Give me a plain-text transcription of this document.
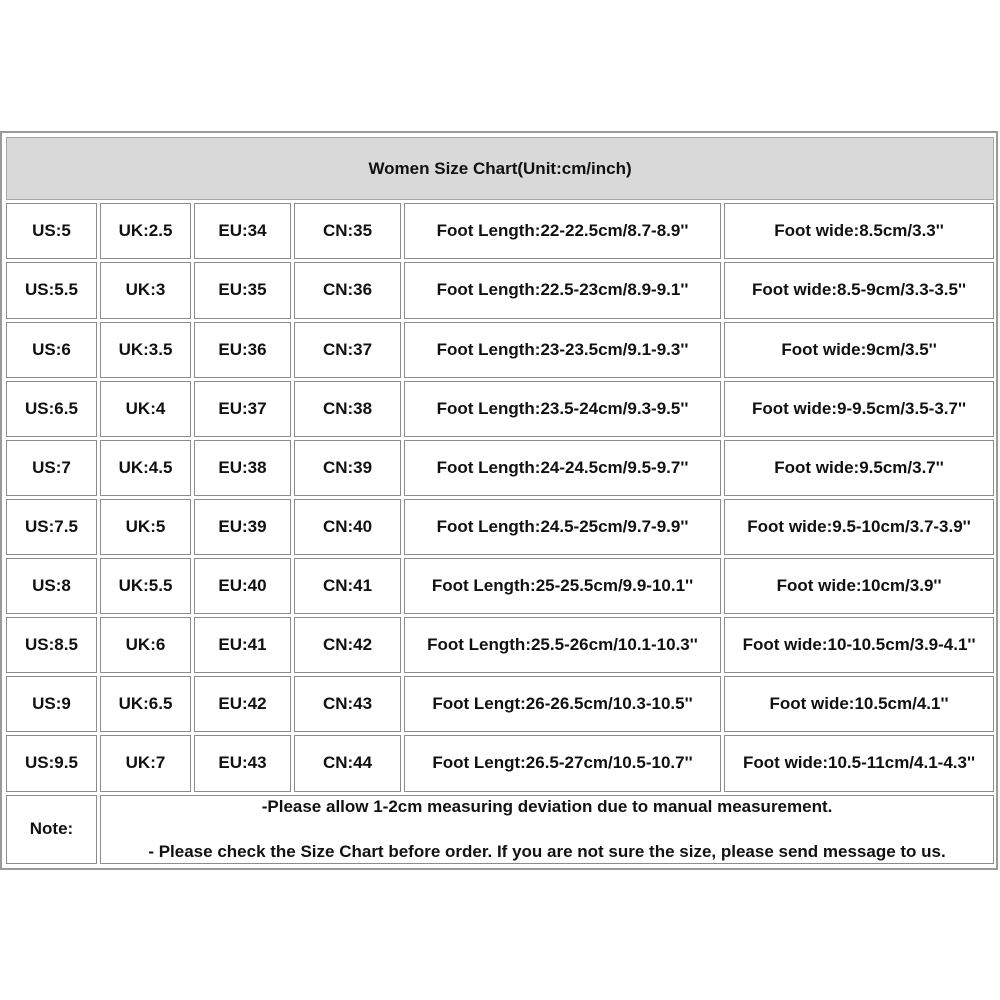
Women Size Chart(Unit:cm/inch)					
US:5	UK:2.5	EU:34	CN:35	Foot Length:22-22.5cm/8.7-8.9''	Foot wide:8.5cm/3.3''
US:5.5	UK:3	EU:35	CN:36	Foot Length:22.5-23cm/8.9-9.1''	Foot wide:8.5-9cm/3.3-3.5''
US:6	UK:3.5	EU:36	CN:37	Foot Length:23-23.5cm/9.1-9.3''	Foot wide:9cm/3.5''
US:6.5	UK:4	EU:37	CN:38	Foot Length:23.5-24cm/9.3-9.5''	Foot wide:9-9.5cm/3.5-3.7''
US:7	UK:4.5	EU:38	CN:39	Foot Length:24-24.5cm/9.5-9.7''	Foot wide:9.5cm/3.7''
US:7.5	UK:5	EU:39	CN:40	Foot Length:24.5-25cm/9.7-9.9''	Foot wide:9.5-10cm/3.7-3.9''
US:8	UK:5.5	EU:40	CN:41	Foot Length:25-25.5cm/9.9-10.1''	Foot wide:10cm/3.9''
US:8.5	UK:6	EU:41	CN:42	Foot Length:25.5-26cm/10.1-10.3''	Foot wide:10-10.5cm/3.9-4.1''
US:9	UK:6.5	EU:42	CN:43	Foot Lengt:26-26.5cm/10.3-10.5''	Foot wide:10.5cm/4.1''
US:9.5	UK:7	EU:43	CN:44	Foot Lengt:26.5-27cm/10.5-10.7''	Foot wide:10.5-11cm/4.1-4.3''
Note:	-Please allow 1-2cm measuring deviation due to manual measurement.
- Please check the Size Chart before order. If you are not sure the size, please send message to us.				
